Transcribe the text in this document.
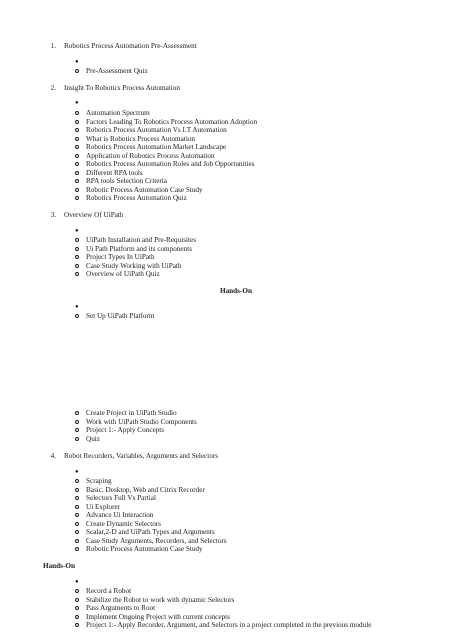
1. Robotics Process Automation Pre-Assessment
●
Pre-Assessment Quiz
2. Insight To Robotics Process Automation
●
Automation Spectrum
Factors Leading To Robotics Process Automation Adoption
Robotics Process Automation Vs I.T Automation
What is Robotics Process Automation
Robotics Process Automation Market Landscape
Application of Robotics Process Automation
Robotics Process Automation Roles and Job Opportunities
Different RPA tools
RPA tools Selection Criteria
Robotic Process Automation Case Study
Robotics Process Automation Quiz
3. Overview Of UiPath
●
UiPath Installation and Pre-Requisites
Ui Path Platform and its components
Project Types In UiPath
Case Study Working with UiPath
Overview of UiPath Quiz
Hands-On
●
Set Up UiPath Platform
Create Project in UiPath Studio
Work with UiPath Studio Components
Project 1:- Apply Concepts
Quiz
4. Robot Recorders, Variables, Arguments and Selectors
●
Scraping
Basic, Desktop, Web and Citrix Recorder
Selectors Full Vs Partial
Ui Explorer
Advance Ui Interaction
Create Dynamic Selectors
Scalar,2-D and UiPath Types and Arguments
Case Study Arguments, Recorders, and Selectors
Robotic Process Automation Case Study
Hands-On
●
Record a Robot
Stabilize the Robot to work with dynamic Selectors
Pass Arguments to Root
Implement Ongoing Project with current concepts
Project 1:- Apply Recorder, Argument, and Selectors in a project completed in the previous module
